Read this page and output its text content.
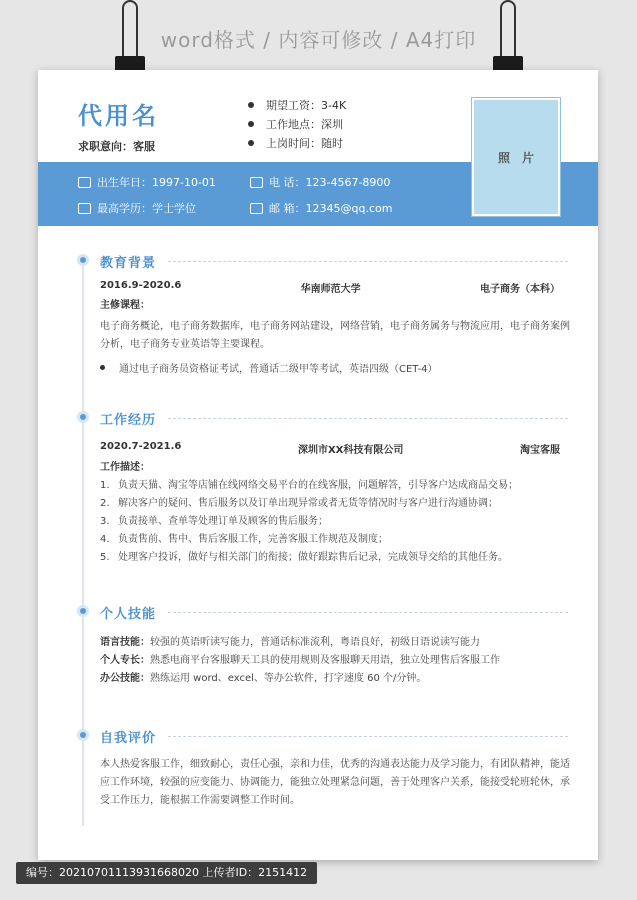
word格式 / 内容可修改 / A4打印
代用名
求职意向：客服
期望工资：3-4K
工作地点：深圳
上岗时间：随时
出生年日：1997-10-01	电 话：123-4567-8900
最高学历：学士学位	邮 箱：12345@qq.com
照片
教育背景
2016.9-2020.6	华南师范大学	电子商务（本科）
主修课程：
电子商务概论，电子商务数据库，电子商务网站建设，网络营销，电子商务属务与物流应用，电子商务案例分析，电子商务专业英语等主要课程。
通过电子商务员资格证考试，普通话二级甲等考试，英语四级（CET-4）
工作经历
2020.7-2021.6	深圳市XX科技有限公司	淘宝客服
工作描述：
1. 负责天猫、淘宝等店铺在线网络交易平台的在线客服，问题解答，引导客户达成商品交易；
2. 解决客户的疑问、售后服务以及订单出现异常或者无货等情况时与客户进行沟通协调；
3. 负责接单、查单等处理订单及顾客的售后服务；
4. 负责售前、售中、售后客服工作，完善客服工作规范及制度；
5. 处理客户投诉，做好与相关部门的衔接；做好跟踪售后记录，完成领导交给的其他任务。
个人技能
语言技能：较强的英语听读写能力，普通话标准流利，粤语良好，初级日语说读写能力
个人专长：熟悉电商平台客服聊天工具的使用规则及客服聊天用语，独立处理售后客服工作
办公技能：熟练运用 word、excel、等办公软件，打字速度 60 个/分钟。
自我评价
本人热爱客服工作，细致耐心，责任心强，亲和力佳，优秀的沟通表达能力及学习能力，有团队精神，能适应工作环境，较强的应变能力、协调能力，能独立处理紧急问题，善于处理客户关系，能接受轮班轮休，承受工作压力，能根据工作需要调整工作时间。
编号：20210701113931668020 上传者ID：2151412
